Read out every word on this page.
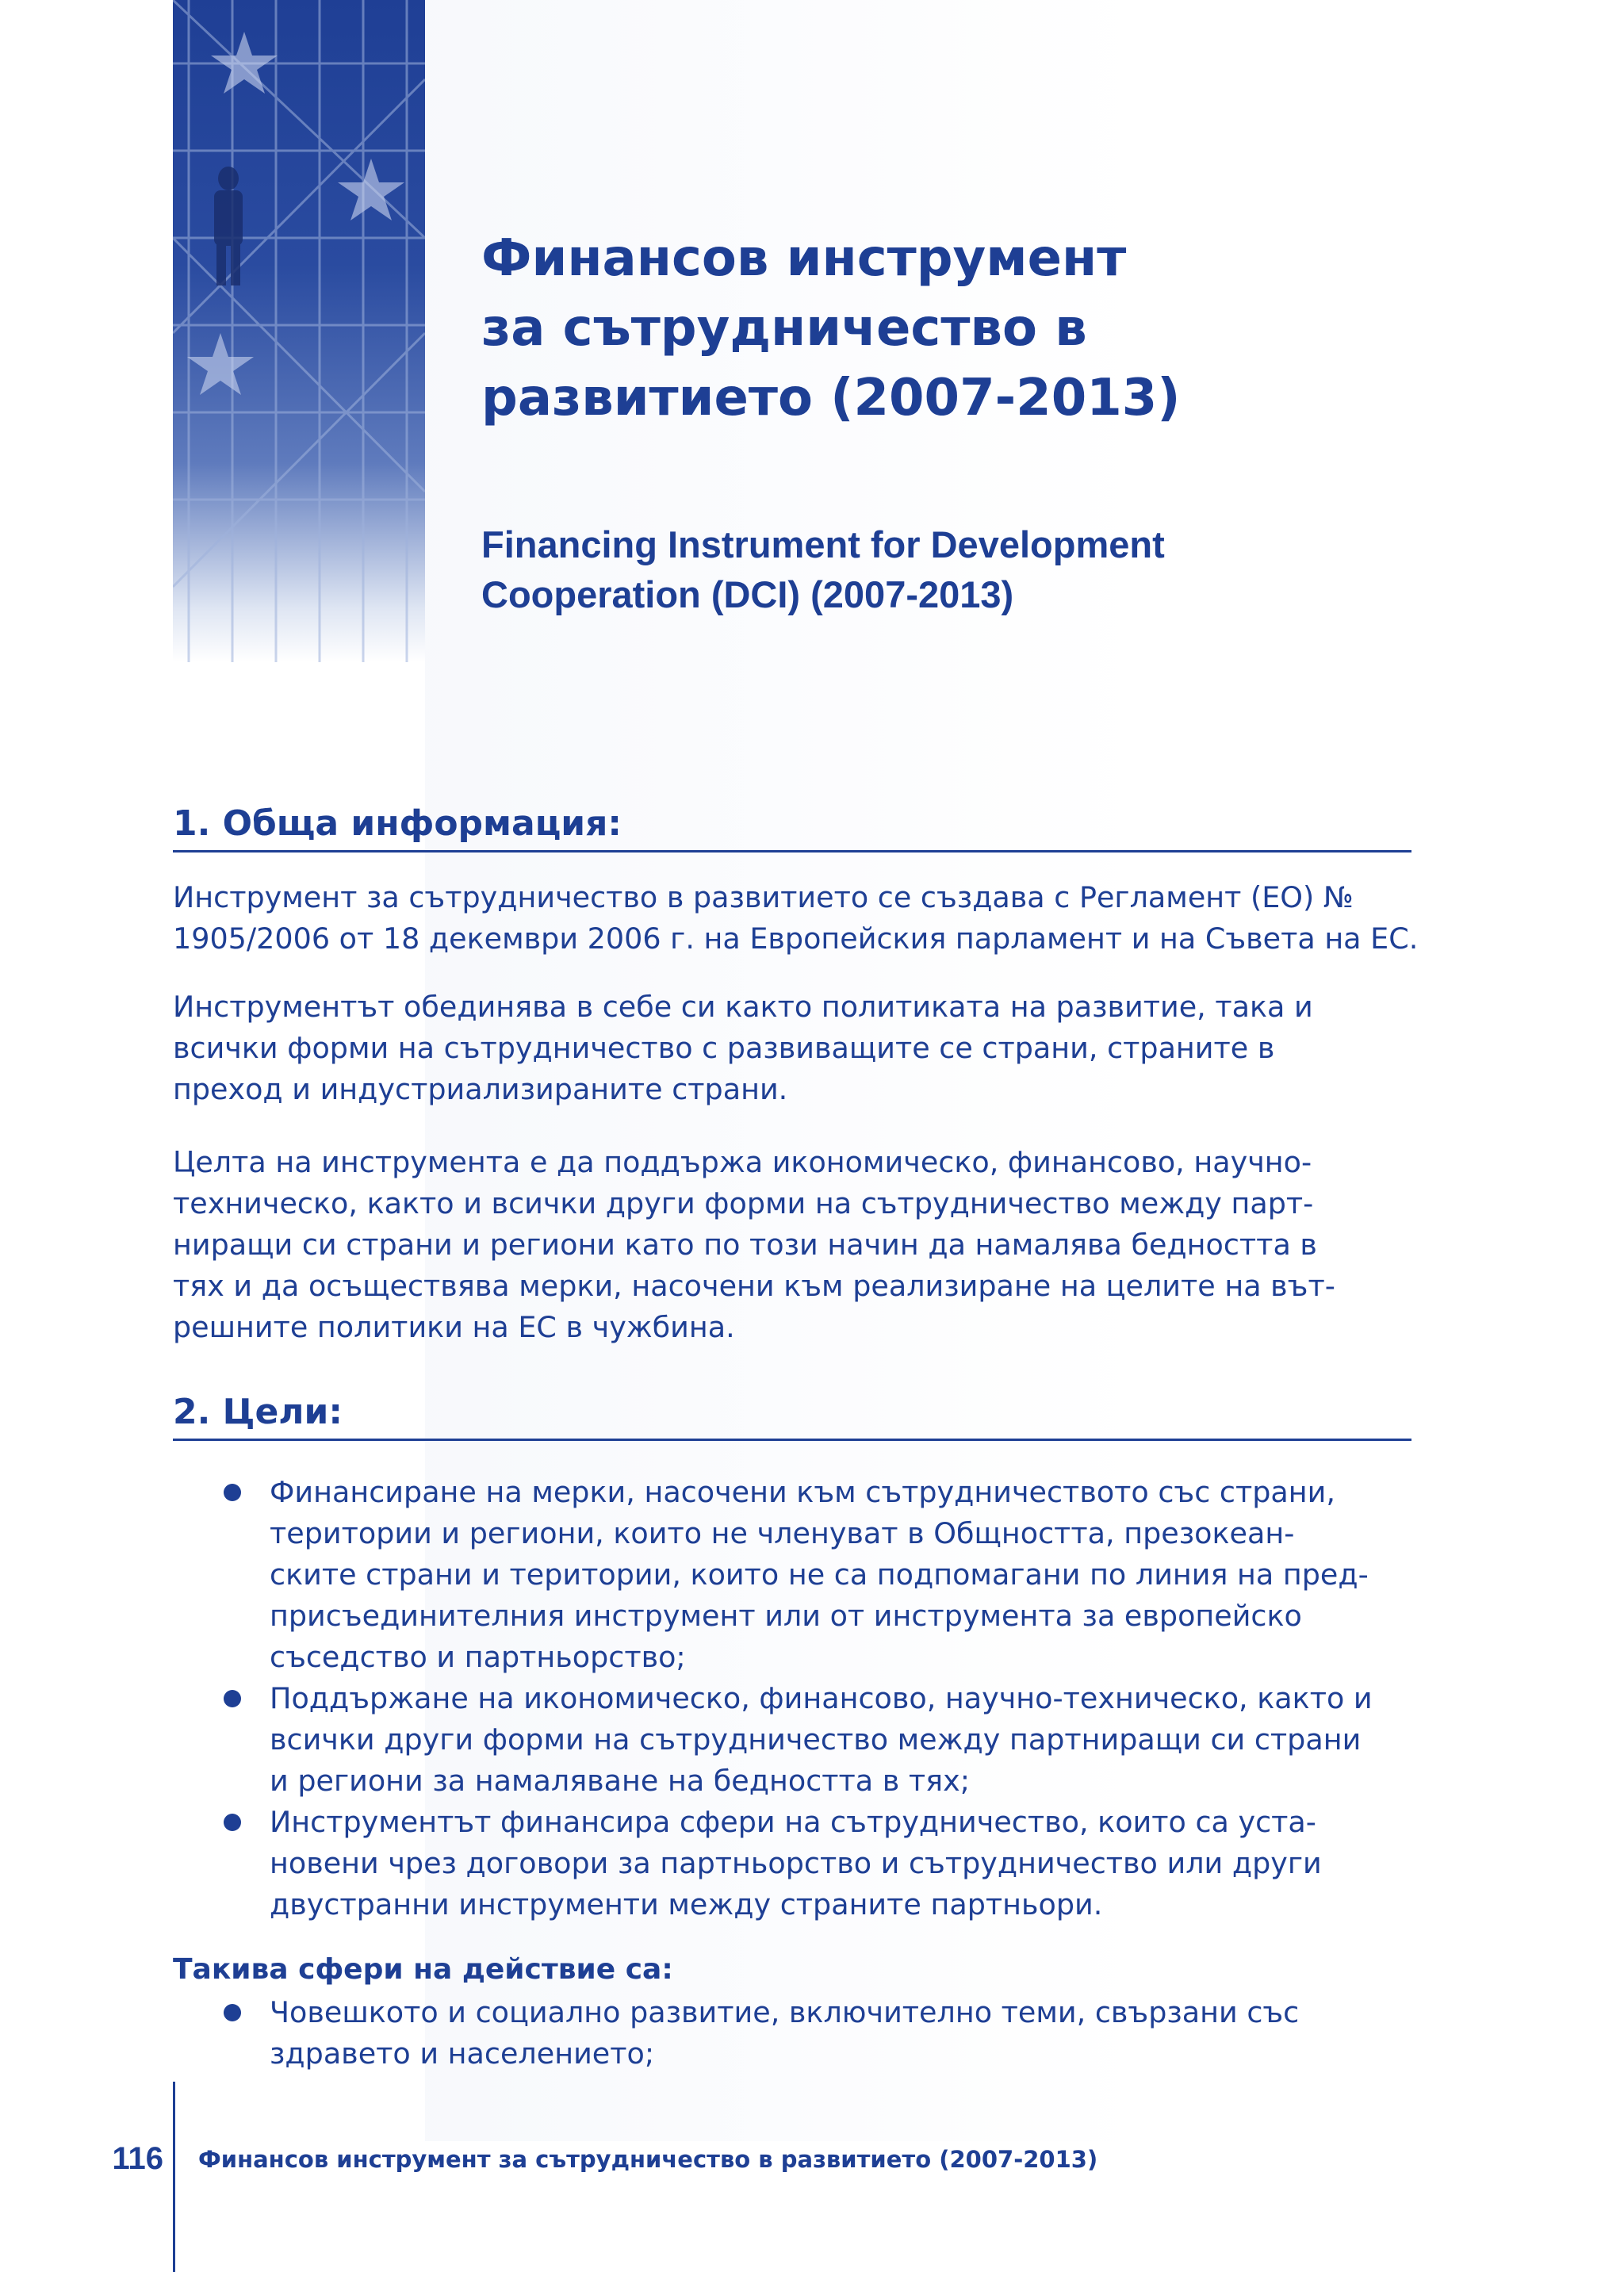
Финансов инструмент
за сътрудничество в
развитието (2007-2013)
Financing Instrument for Development
Cooperation (DCI) (2007-2013)
1. Обща информация:
Инструмент за сътрудничество в развитието се създава с Регламент (ЕО) №
1905/2006 от 18 декември 2006 г. на Европейския парламент и на Съвета на ЕС.
Инструментът обединява в себе си както политиката на развитие, така и
всички форми на сътрудничество с развиващите се страни, страните в
преход и индустриализираните страни.
Целта на инструмента е да поддържа икономическо, финансово, научно-
техническо, както и всички други форми на сътрудничество между парт-
ниращи си страни и региони като по този начин да намалява бедността в
тях и да осъществява мерки, насочени към реализиране на целите на вът-
решните политики на ЕС в чужбина.
2. Цели:
Финансиране на мерки, насочени към сътрудничеството със страни,
територии и региони, които не членуват в Общността, презокеан-
ските страни и територии, които не са подпомагани по линия на пред-
присъединителния инструмент или от инструмента за европейско
съседство и партньорство;
Поддържане на икономическо, финансово, научно-техническо, както и
всички други форми на сътрудничество между партниращи си страни
и региони за намаляване на бедността в тях;
Инструментът финансира сфери на сътрудничество, които са уста-
новени чрез договори за партньорство и сътрудничество или други
двустранни инструменти между страните партньори.
Такива сфери на действие са:
Човешкото и социално развитие, включително теми, свързани със
здравето и населението;
116 Финансов инструмент за сътрудничество в развитието (2007-2013)
